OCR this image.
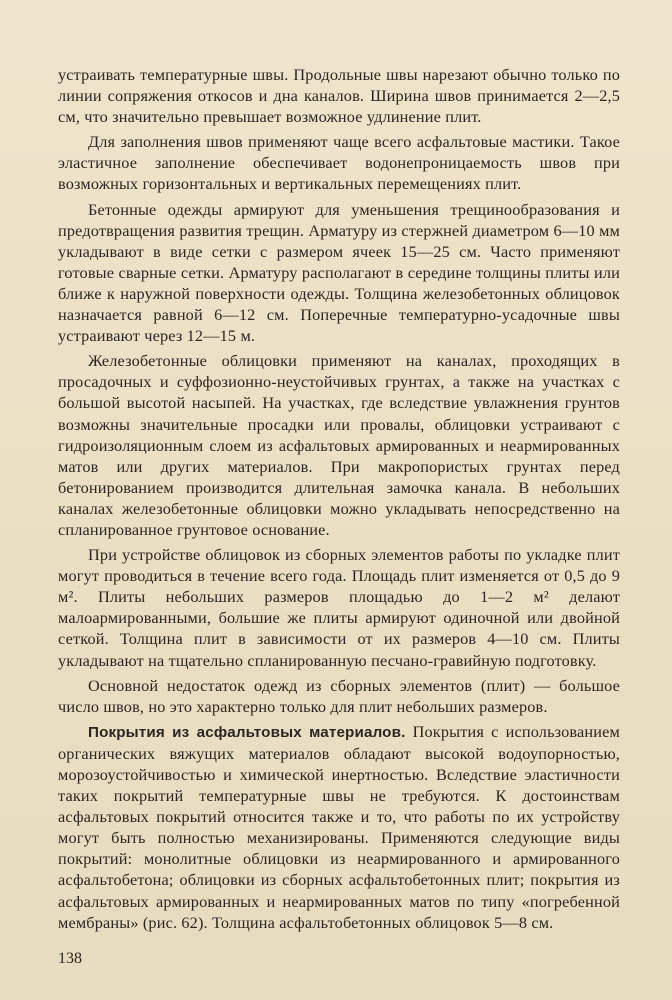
устраивать температурные швы. Продольные швы нарезают обычно только по линии сопряжения откосов и дна каналов. Ширина швов принимается 2—2,5 см, что значительно превышает возможное удлинение плит.

Для заполнения швов применяют чаще всего асфальтовые мастики. Такое эластичное заполнение обеспечивает водонепроницаемость швов при возможных горизонтальных и вертикальных перемещениях плит.

Бетонные одежды армируют для уменьшения трещинообразования и предотвращения развития трещин. Арматуру из стержней диаметром 6—10 мм укладывают в виде сетки с размером ячеек 15—25 см. Часто применяют готовые сварные сетки. Арматуру располагают в середине толщины плиты или ближе к наружной поверхности одежды. Толщина железобетонных облицовок назначается равной 6—12 см. Поперечные температурно-усадочные швы устраивают через 12—15 м.

Железобетонные облицовки применяют на каналах, проходящих в просадочных и суффозионно-неустойчивых грунтах, а также на участках с большой высотой насыпей. На участках, где вследствие увлажнения грунтов возможны значительные просадки или провалы, облицовки устраивают с гидроизоляционным слоем из асфальтовых армированных и неармированных матов или других материалов. При макропористых грунтах перед бетонированием производится длительная замочка канала. В небольших каналах железобетонные облицовки можно укладывать непосредственно на спланированное грунтовое основание.

При устройстве облицовок из сборных элементов работы по укладке плит могут проводиться в течение всего года. Площадь плит изменяется от 0,5 до 9 м². Плиты небольших размеров площадью до 1—2 м² делают малоармированными, большие же плиты армируют одиночной или двойной сеткой. Толщина плит в зависимости от их размеров 4—10 см. Плиты укладывают на тщательно спланированную песчано-гравийную подготовку.

Основной недостаток одежд из сборных элементов (плит) — большое число швов, но это характерно только для плит небольших размеров.

Покрытия из асфальтовых материалов. Покрытия с использованием органических вяжущих материалов обладают высокой водоупорностью, морозоустойчивостью и химической инертностью. Вследствие эластичности таких покрытий температурные швы не требуются. К достоинствам асфальтовых покрытий относится также и то, что работы по их устройству могут быть полностью механизированы. Применяются следующие виды покрытий: монолитные облицовки из неармированного и армированного асфальтобетона; облицовки из сборных асфальтобетонных плит; покрытия из асфальтовых армированных и неармированных матов по типу «погребенной мембраны» (рис. 62). Толщина асфальтобетонных облицовок 5—8 см.

138
